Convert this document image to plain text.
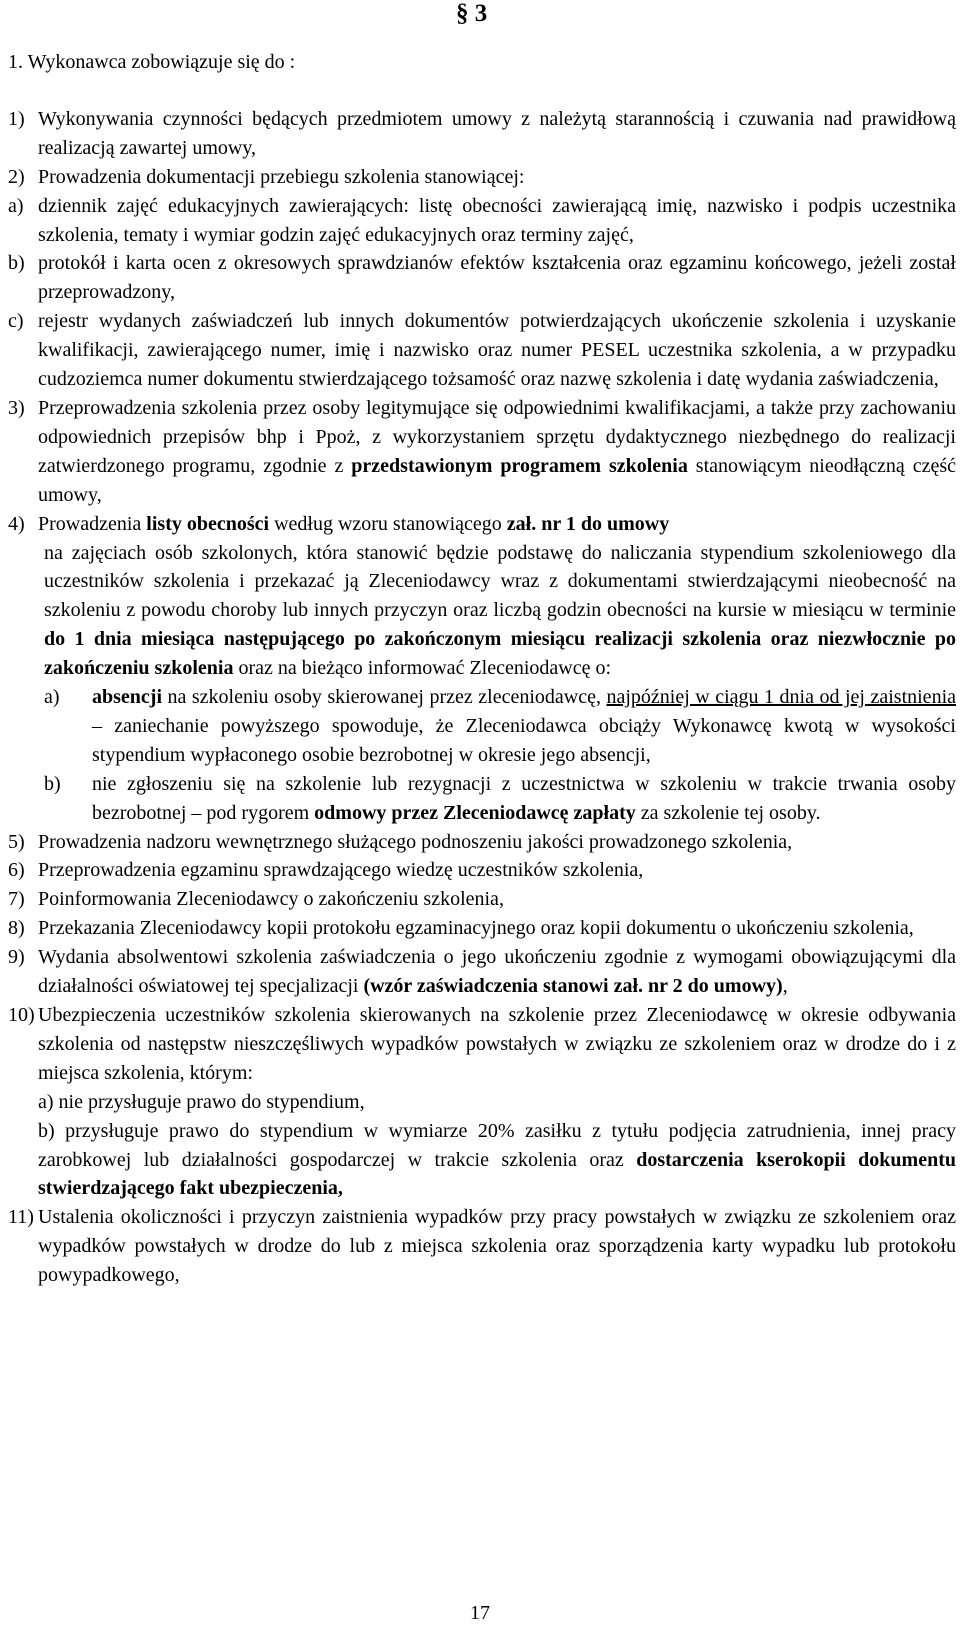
§ 3

1. Wykonawca zobowiązuje się do :

1) Wykonywania czynności będących przedmiotem umowy z należytą starannością i czuwania nad prawidłową realizacją zawartej umowy,
2) Prowadzenia dokumentacji przebiegu szkolenia stanowiącej:
a) dziennik zajęć edukacyjnych zawierających: listę obecności zawierającą imię, nazwisko i podpis uczestnika szkolenia, tematy i wymiar godzin zajęć edukacyjnych oraz terminy zajęć,
b) protokół i karta ocen z okresowych sprawdzianów efektów kształcenia oraz egzaminu końcowego, jeżeli został przeprowadzony,
c) rejestr wydanych zaświadczeń lub innych dokumentów potwierdzających ukończenie szkolenia i uzyskanie kwalifikacji, zawierającego numer, imię i nazwisko oraz numer PESEL uczestnika szkolenia, a w przypadku cudzoziemca numer dokumentu stwierdzającego tożsamość oraz nazwę szkolenia i datę wydania zaświadczenia,
3) Przeprowadzenia szkolenia przez osoby legitymujące się odpowiednimi kwalifikacjami, a także przy zachowaniu odpowiednich przepisów bhp i Ppoż, z wykorzystaniem sprzętu dydaktycznego niezbędnego do realizacji zatwierdzonego programu, zgodnie z przedstawionym programem szkolenia stanowiącym nieodłączną część umowy,
4) Prowadzenia listy obecności według wzoru stanowiącego zał. nr 1 do umowy
na zajęciach osób szkolonych, która stanowić będzie podstawę do naliczania stypendium szkoleniowego dla uczestników szkolenia i przekazać ją Zleceniodawcy wraz z dokumentami stwierdzającymi nieobecność na szkoleniu z powodu choroby lub innych przyczyn oraz liczbą godzin obecności na kursie w miesiącu w terminie do 1 dnia miesiąca następującego po zakończonym miesiącu realizacji szkolenia oraz niezwłocznie po zakończeniu szkolenia oraz na bieżąco informować Zleceniodawcę o:
a) absencji na szkoleniu osoby skierowanej przez zleceniodawcę, najpóźniej w ciągu 1 dnia od jej zaistnienia – zaniechanie powyższego spowoduje, że Zleceniodawca obciąży Wykonawcę kwotą w wysokości stypendium wypłaconego osobie bezrobotnej w okresie jego absencji,
b) nie zgłoszeniu się na szkolenie lub rezygnacji z uczestnictwa w szkoleniu w trakcie trwania osoby bezrobotnej – pod rygorem odmowy przez Zleceniodawcę zapłaty za szkolenie tej osoby.
5) Prowadzenia nadzoru wewnętrznego służącego podnoszeniu jakości prowadzonego szkolenia,
6) Przeprowadzenia egzaminu sprawdzającego wiedzę uczestników szkolenia,
7) Poinformowania Zleceniodawcy o zakończeniu szkolenia,
8) Przekazania Zleceniodawcy kopii protokołu egzaminacyjnego oraz kopii dokumentu o ukończeniu szkolenia,
9) Wydania absolwentowi szkolenia zaświadczenia o jego ukończeniu zgodnie z wymogami obowiązującymi dla działalności oświatowej tej specjalizacji (wzór zaświadczenia stanowi zał. nr 2 do umowy),
10) Ubezpieczenia uczestników szkolenia skierowanych na szkolenie przez Zleceniodawcę w okresie odbywania szkolenia od następstw nieszczęśliwych wypadków powstałych w związku ze szkoleniem oraz w drodze do i z miejsca szkolenia, którym:
a) nie przysługuje prawo do stypendium,
b) przysługuje prawo do stypendium w wymiarze 20% zasiłku z tytułu podjęcia zatrudnienia, innej pracy zarobkowej lub działalności gospodarczej w trakcie szkolenia oraz dostarczenia kserokopii dokumentu stwierdzającego fakt ubezpieczenia,
11) Ustalenia okoliczności i przyczyn zaistnienia wypadków przy pracy powstałych w związku ze szkoleniem oraz wypadków powstałych w drodze do lub z miejsca szkolenia oraz sporządzenia karty wypadku lub protokołu powypadkowego,
17
